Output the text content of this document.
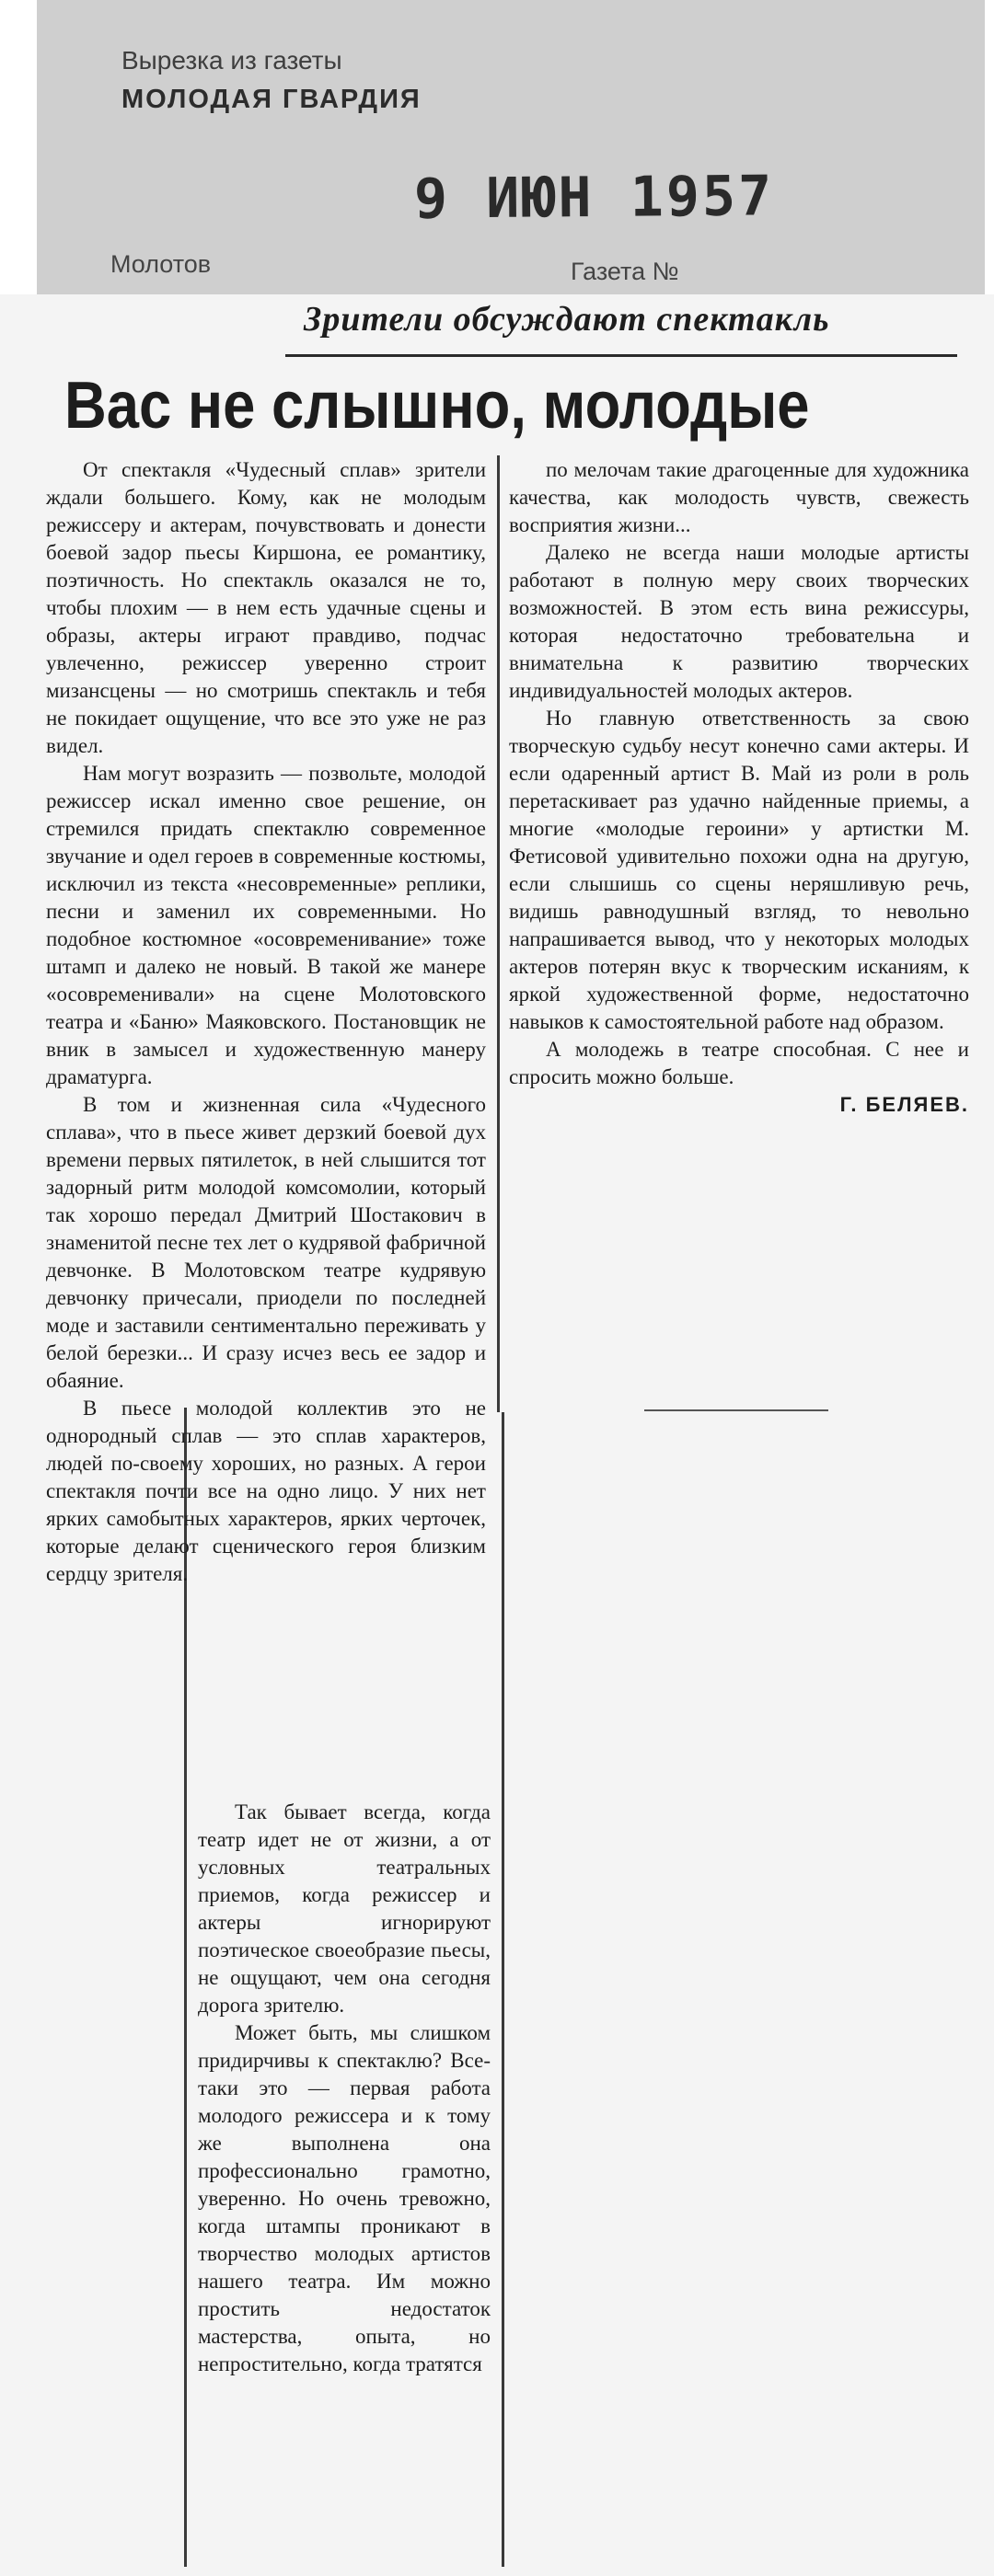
Вырезка из газеты
МОЛОДАЯ ГВАРДИЯ
9 ИЮН 1957
Молотов	Газета №
Зрители обсуждают спектакль
Вас не слышно, молодые

От спектакля «Чудесный сплав» зрители ждали большего. Кому, как не молодым режиссеру и актерам, почувствовать и донести боевой задор пьесы Киршона, ее романтику, поэтичность. Но спектакль оказался не то, чтобы плохим — в нем есть удачные сцены и образы, актеры играют правдиво, подчас увлеченно, режиссер уверенно строит мизансцены — но смотришь спектакль и тебя не покидает ощущение, что все это уже не раз видел.

Нам могут возразить — позвольте, молодой режиссер искал именно свое решение, он стремился придать спектаклю современное звучание и одел героев в современные костюмы, исключил из текста «несовременные» реплики, песни и заменил их современными. Но подобное костюмное «осовременивание» тоже штамп и далеко не новый. В такой же манере «осовременивали» на сцене Молотовского театра и «Баню» Маяковского. Постановщик не вник в замысел и художественную манеру драматурга.

В том и жизненная сила «Чудесного сплава», что в пьесе живет дерзкий боевой дух времени первых пятилеток, в ней слышится тот задорный ритм молодой комсомолии, который так хорошо передал Дмитрий Шостакович в знаменитой песне тех лет о кудрявой фабричной девчонке. В Молотовском театре кудрявую девчонку причесали, приодели по последней моде и заставили сентиментально переживать у белой березки... И сразу исчез весь ее задор и обаяние.

В пьесе молодой коллектив это не однородный сплав — это сплав характеров, людей по-своему хороших, но разных. А герои спектакля почти все на одно лицо. У них нет ярких самобытных характеров, ярких черточек, которые делают сценического героя близким сердцу зрителя.

Так бывает всегда, когда театр идет не от жизни, а от условных театральных приемов, когда режиссер и актеры игнорируют поэтическое своеобразие пьесы, не ощущают, чем она сегодня дорога зрителю.

Может быть, мы слишком придирчивы к спектаклю? Все-таки это — первая работа молодого режиссера и к тому же выполнена она профессионально грамотно, уверенно. Но очень тревожно, когда штампы проникают в творчество молодых артистов нашего театра. Им можно простить недостаток мастерства, опыта, но непростительно, когда тратятся

по мелочам такие драгоценные для художника качества, как молодость чувств, свежесть восприятия жизни...

Далеко не всегда наши молодые артисты работают в полную меру своих творческих возможностей. В этом есть вина режиссуры, которая недостаточно требовательна и внимательна к развитию творческих индивидуальностей молодых актеров.

Но главную ответственность за свою творческую судьбу несут конечно сами актеры. И если одаренный артист В. Май из роли в роль перетаскивает раз удачно найденные приемы, а многие «молодые героини» у артистки М. Фетисовой удивительно похожи одна на другую, если слышишь со сцены неряшливую речь, видишь равнодушный взгляд, то невольно напрашивается вывод, что у некоторых молодых актеров потерян вкус к творческим исканиям, к яркой художественной форме, недостаточно навыков к самостоятельной работе над образом.

А молодежь в театре способная. С нее и спросить можно больше.

Г. БЕЛЯЕВ.
